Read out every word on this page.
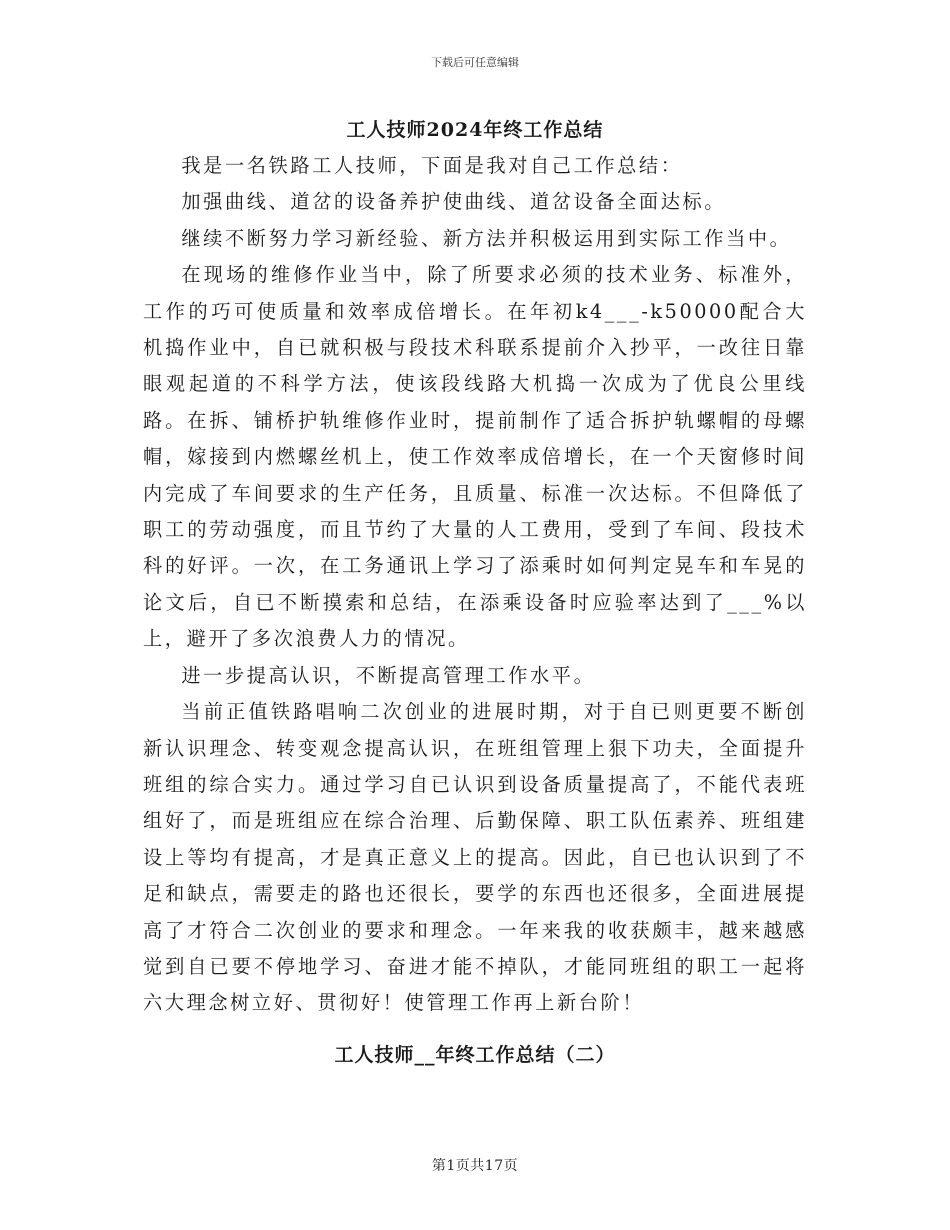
下载后可任意编辑
工人技师2024年终工作总结

我是一名铁路工人技师，下面是我对自己工作总结：

加强曲线、道岔的设备养护使曲线、道岔设备全面达标。

继续不断努力学习新经验、新方法并积极运用到实际工作当中。

在现场的维修作业当中，除了所要求必须的技术业务、标准外，工作的巧可使质量和效率成倍增长。在年初k4___-k50000配合大机捣作业中，自已就积极与段技术科联系提前介入抄平，一改往日靠眼观起道的不科学方法，使该段线路大机捣一次成为了优良公里线路。在拆、铺桥护轨维修作业时，提前制作了适合拆护轨螺帽的母螺帽，嫁接到内燃螺丝机上，使工作效率成倍增长，在一个天窗修时间内完成了车间要求的生产任务，且质量、标准一次达标。不但降低了职工的劳动强度，而且节约了大量的人工费用，受到了车间、段技术科的好评。一次，在工务通讯上学习了添乘时如何判定晃车和车晃的论文后，自已不断摸索和总结，在添乘设备时应验率达到了___%以上，避开了多次浪费人力的情况。

进一步提高认识，不断提高管理工作水平。

当前正值铁路唱响二次创业的进展时期，对于自已则更要不断创新认识理念、转变观念提高认识，在班组管理上狠下功夫，全面提升班组的综合实力。通过学习自已认识到设备质量提高了，不能代表班组好了，而是班组应在综合治理、后勤保障、职工队伍素养、班组建设上等均有提高，才是真正意义上的提高。因此，自已也认识到了不足和缺点，需要走的路也还很长，要学的东西也还很多，全面进展提高了才符合二次创业的要求和理念。一年来我的收获颇丰，越来越感觉到自已要不停地学习、奋进才能不掉队，才能同班组的职工一起将六大理念树立好、贯彻好！使管理工作再上新台阶！

工人技师__年终工作总结（二）
第1页共17页
